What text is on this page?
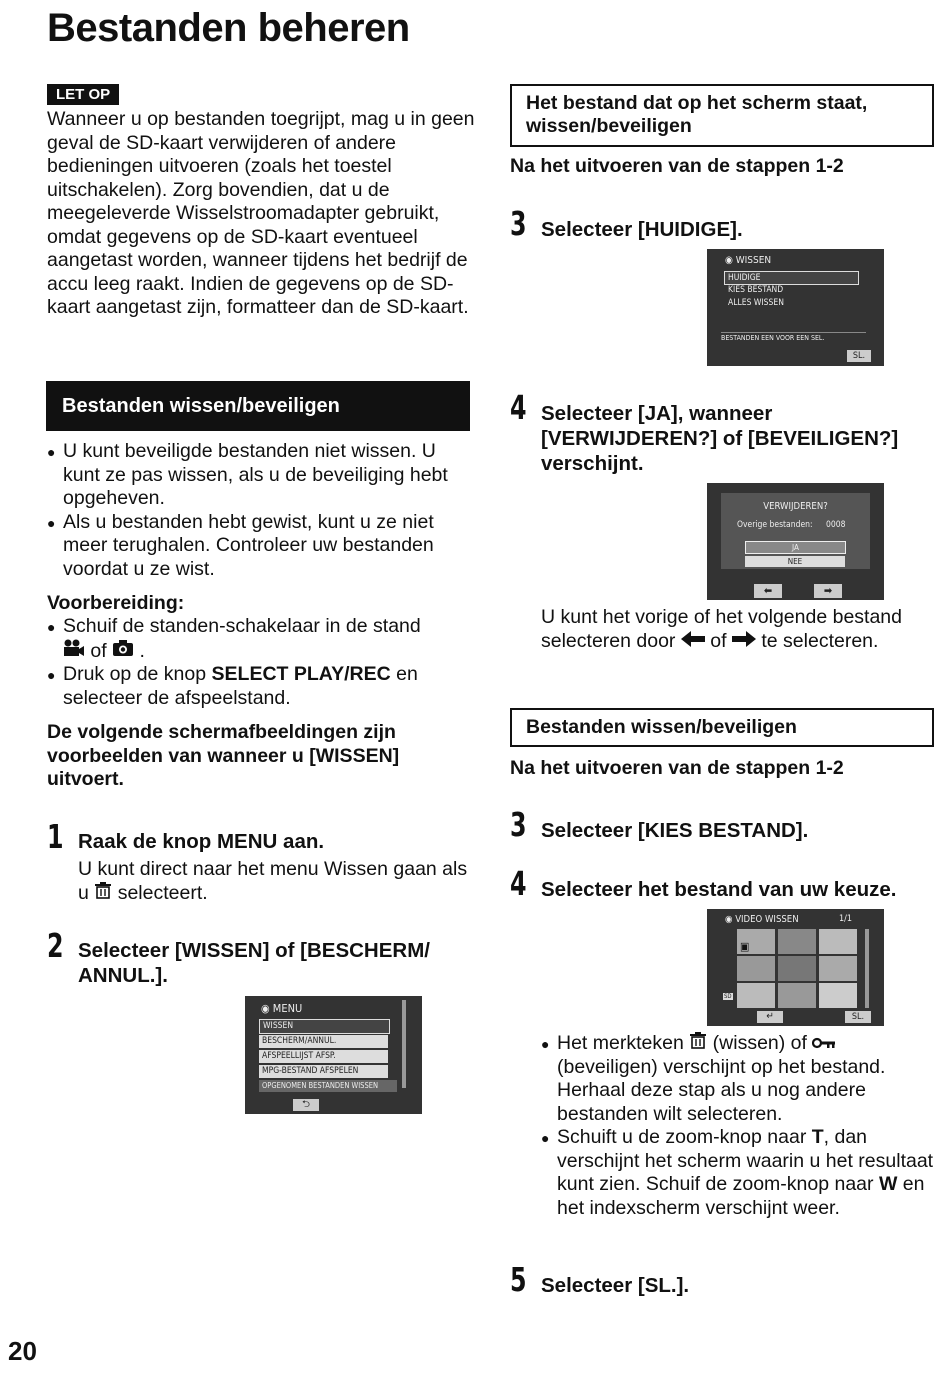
Bestanden beheren
LET OP
Wanneer u op bestanden toegrijpt, mag u in geen geval de SD-kaart verwijderen of andere bedieningen uitvoeren (zoals het toestel uitschakelen). Zorg bovendien, dat u de meegeleverde Wisselstroomadapter gebruikt, omdat gegevens op de SD-kaart eventueel aangetast worden, wanneer tijdens het bedrijf de accu leeg raakt. Indien de gegevens op de SD-kaart aangetast zijn, formatteer dan de SD-kaart.
Bestanden wissen/beveiligen
● U kunt beveiligde bestanden niet wissen. U kunt ze pas wissen, als u de beveiliging hebt opgeheven.
● Als u bestanden hebt gewist, kunt u ze niet meer terughalen. Controleer uw bestanden voordat u ze wist.
Voorbereiding:
● Schuif de standen-schakelaar in de stand
of .
● Druk op de knop SELECT PLAY/REC en selecteer de afspeelstand.
De volgende schermafbeeldingen zijn voorbeelden van wanneer u [WISSEN] uitvoert.
1 Raak de knop MENU aan.
U kunt direct naar het menu Wissen gaan als u selecteert.
2 Selecteer [WISSEN] of [BESCHERM/ ANNUL.].
◉ MENU
WISSEN
BESCHERM/ANNUL.
AFSPEELLIJST AFSP.
MPG-BESTAND AFSPELEN
OPGENOMEN BESTANDEN WISSEN
⮌
Het bestand dat op het scherm staat, wissen/beveiligen
Na het uitvoeren van de stappen 1-2
3 Selecteer [HUIDIGE].
◉ WISSEN
HUIDIGE
KIES BESTAND
ALLES WISSEN
BESTANDEN EEN VOOR EEN SEL.
SL.
4 Selecteer [JA], wanneer [VERWIJDEREN?] of [BEVEILIGEN?] verschijnt.
VERWIJDEREN?
Overige bestanden: 0008
JA
NEE
⬅	➡
U kunt het vorige of het volgende bestand selecteren door of te selecteren.
Bestanden wissen/beveiligen
Na het uitvoeren van de stappen 1-2
3 Selecteer [KIES BESTAND].
4 Selecteer het bestand van uw keuze.
◉ VIDEO WISSEN	1/1
▣
SD
↵	SL.
● Het merkteken (wissen) of  (beveiligen) verschijnt op het bestand. Herhaal deze stap als u nog andere bestanden wilt selecteren.
● Schuift u de zoom-knop naar T, dan verschijnt het scherm waarin u het resultaat kunt zien. Schuif de zoom-knop naar W en het indexscherm verschijnt weer.
5 Selecteer [SL.].
20
